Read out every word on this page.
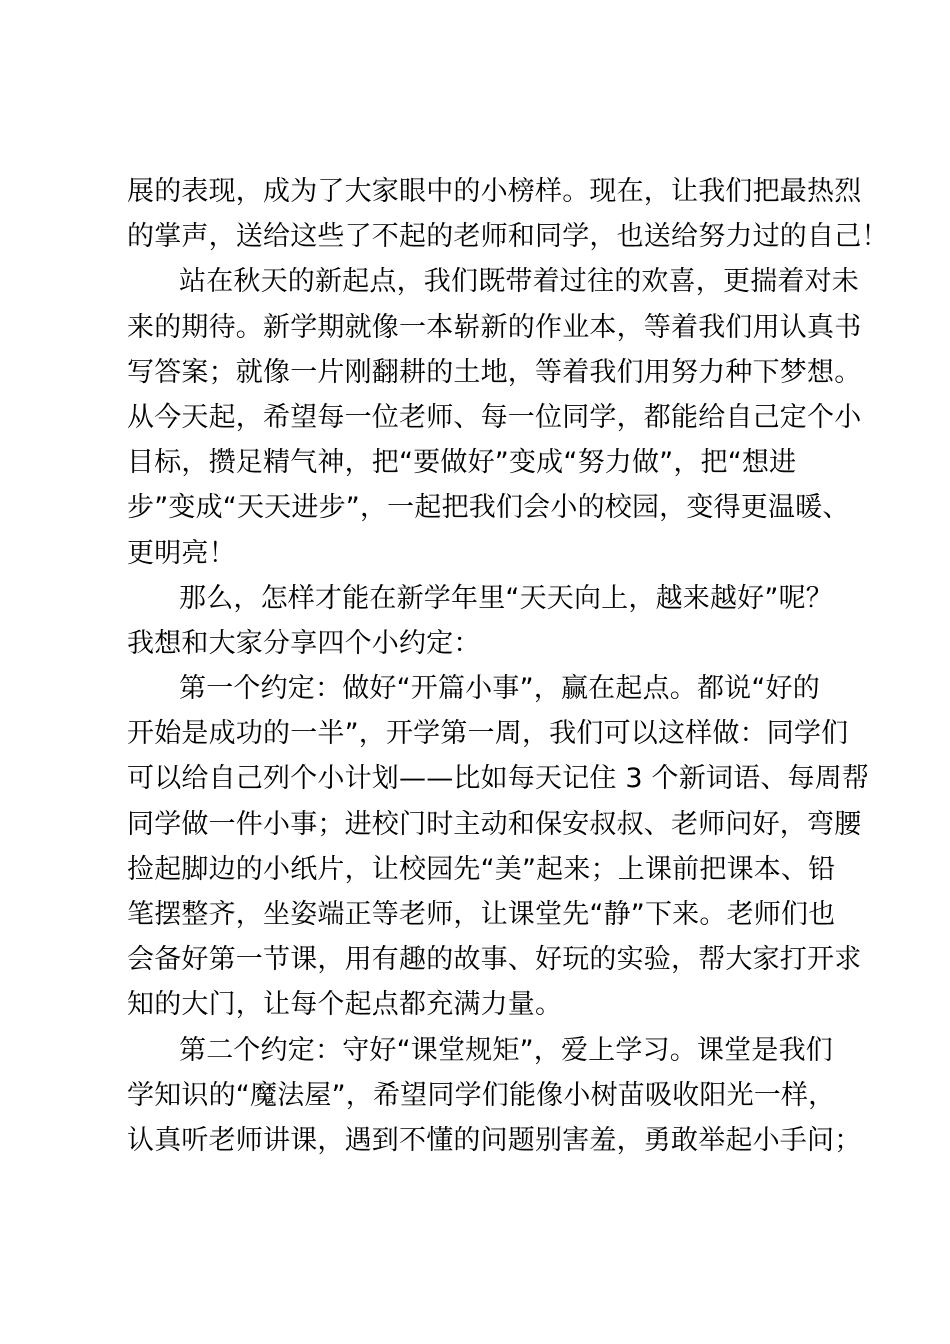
展的表现，成为了大家眼中的小榜样。现在，让我们把最热烈
的掌声，送给这些了不起的老师和同学，也送给努力过的自己！
站在秋天的新起点，我们既带着过往的欢喜，更揣着对未
来的期待。新学期就像一本崭新的作业本，等着我们用认真书
写答案；就像一片刚翻耕的土地，等着我们用努力种下梦想。
从今天起，希望每一位老师、每一位同学，都能给自己定个小
目标，攒足精气神，把“要做好”变成“努力做”，把“想进
步”变成“天天进步”，一起把我们会小的校园，变得更温暖、
更明亮！
那么，怎样才能在新学年里“天天向上，越来越好”呢？
我想和大家分享四个小约定：
第一个约定：做好“开篇小事”，赢在起点。都说“好的
开始是成功的一半”，开学第一周，我们可以这样做：同学们
可以给自己列个小计划——比如每天记住 3 个新词语、每周帮
同学做一件小事；进校门时主动和保安叔叔、老师问好，弯腰
捡起脚边的小纸片，让校园先“美”起来；上课前把课本、铅
笔摆整齐，坐姿端正等老师，让课堂先“静”下来。老师们也
会备好第一节课，用有趣的故事、好玩的实验，帮大家打开求
知的大门，让每个起点都充满力量。
第二个约定：守好“课堂规矩”，爱上学习。课堂是我们
学知识的“魔法屋”，希望同学们能像小树苗吸收阳光一样，
认真听老师讲课，遇到不懂的问题别害羞，勇敢举起小手问；
